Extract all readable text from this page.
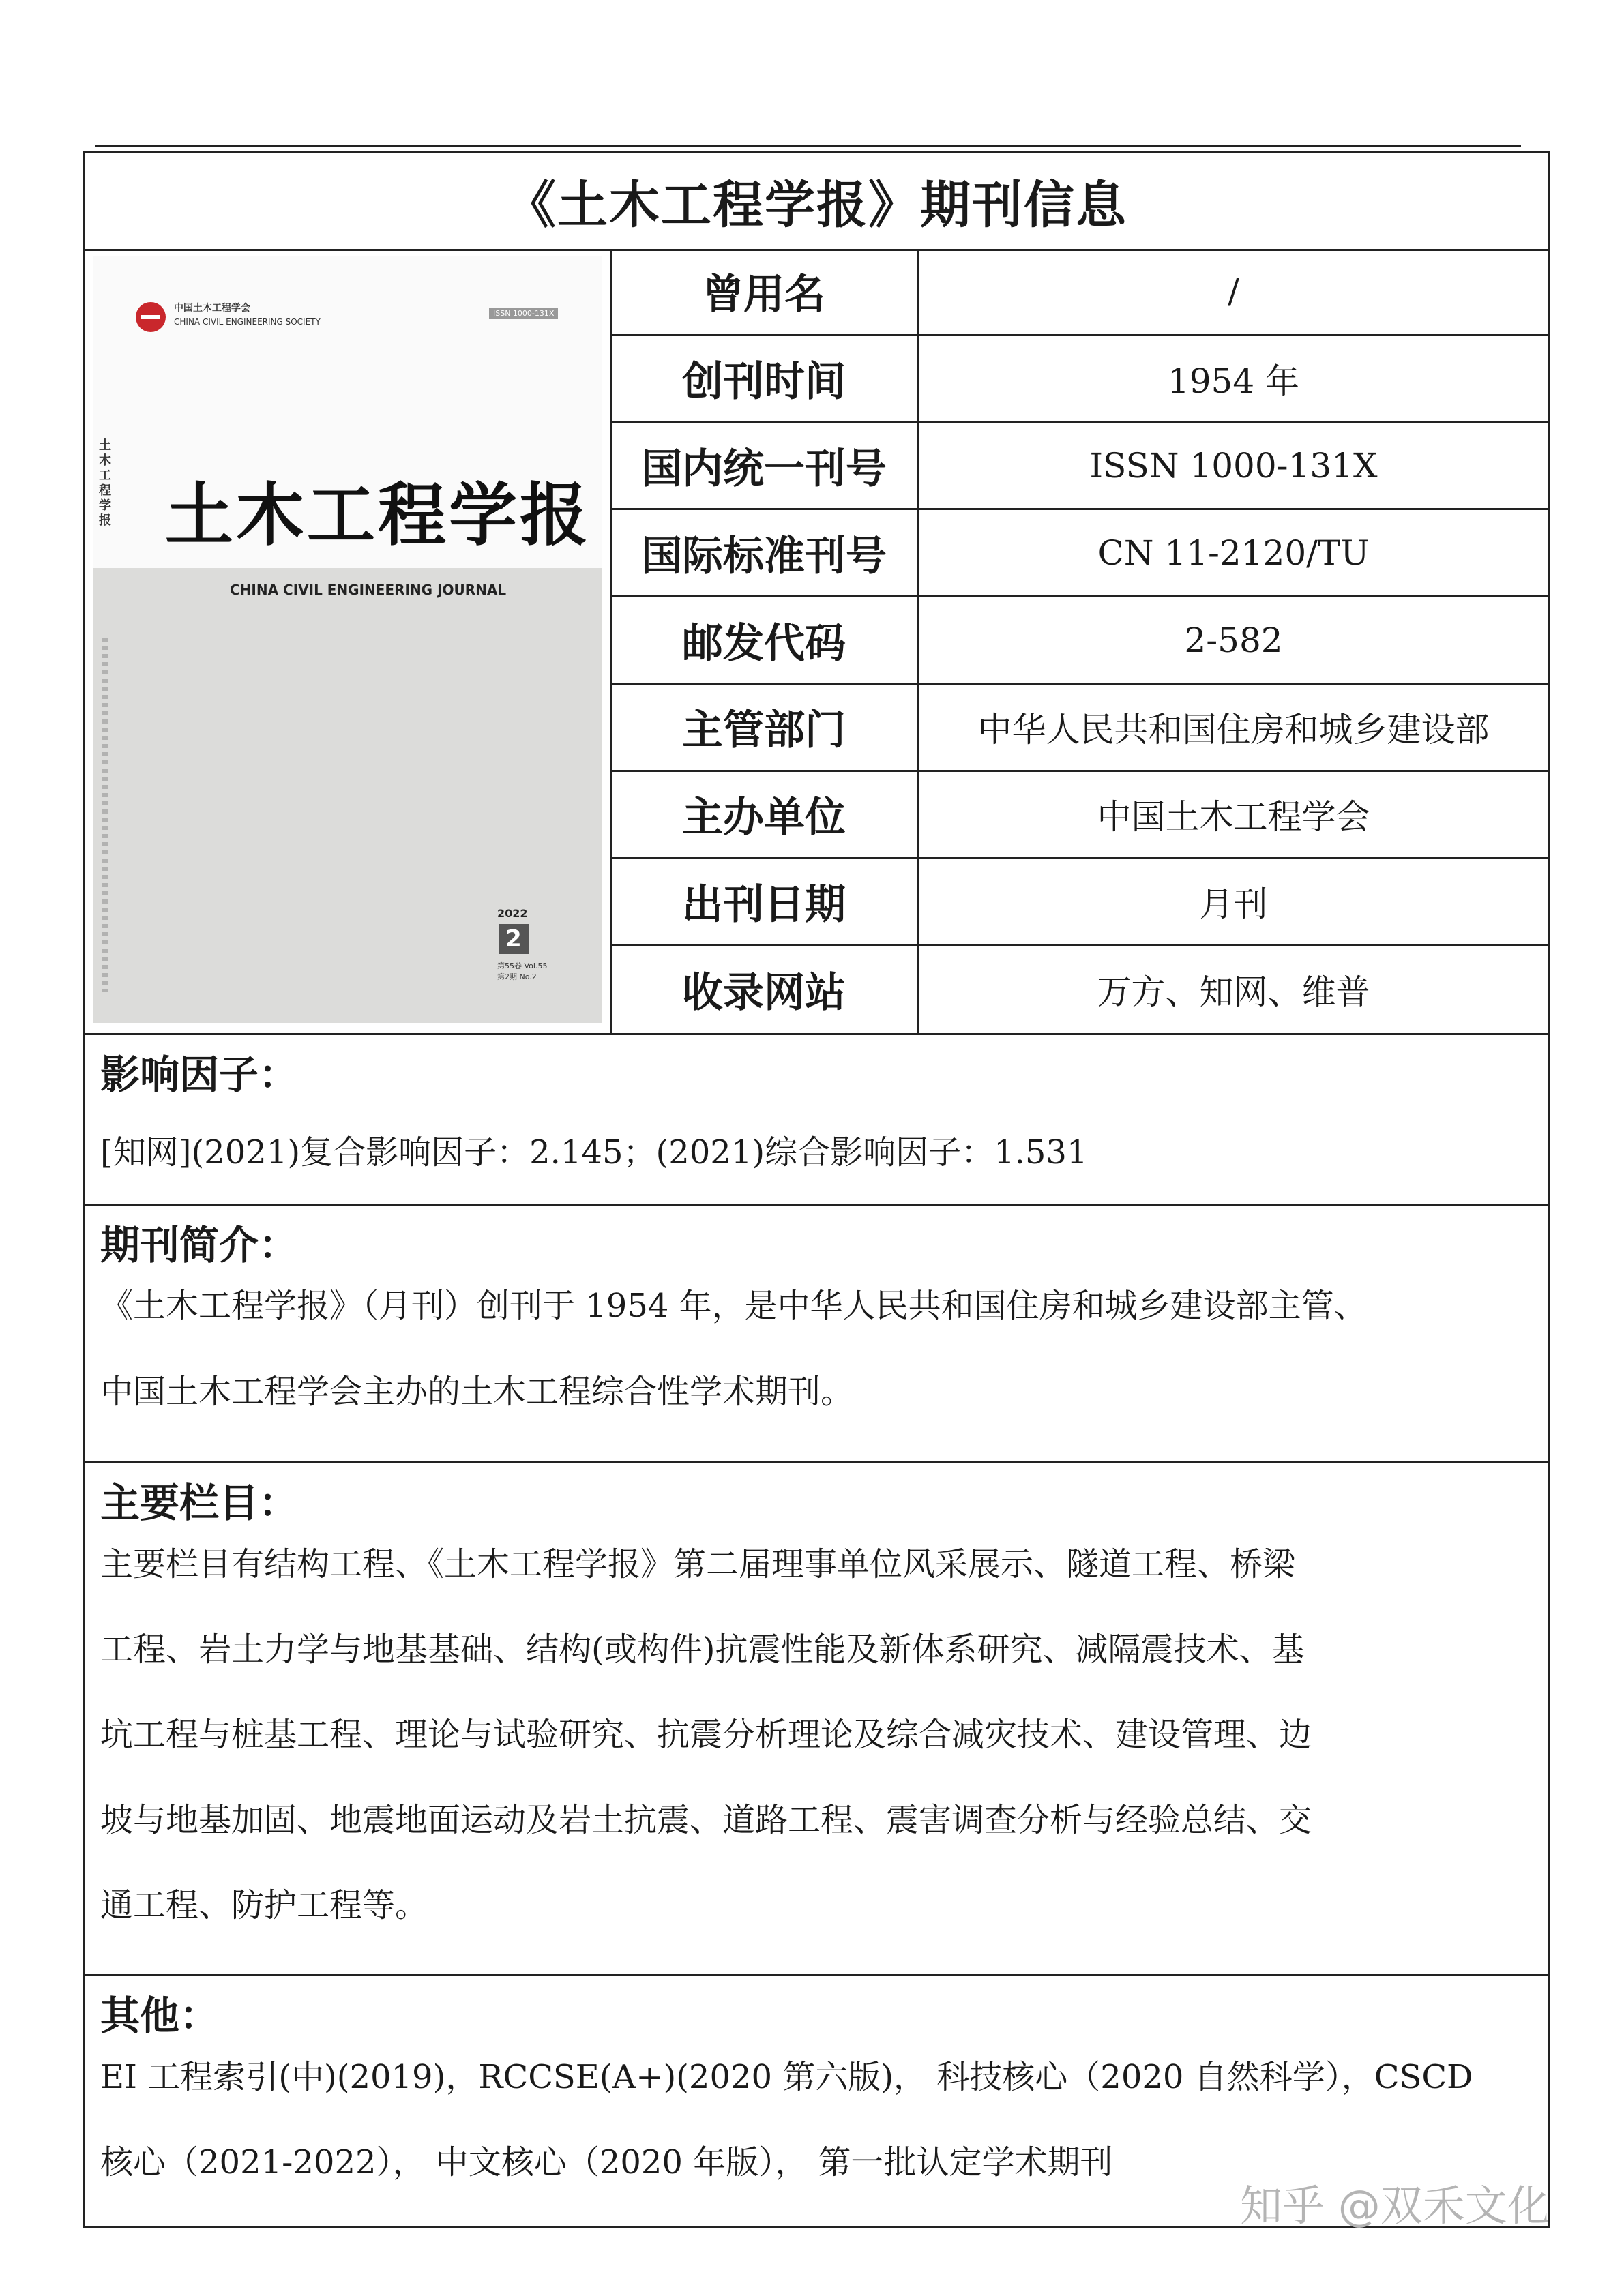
《土木工程学报》期刊信息
中国土木工程学会
CHINA CIVIL ENGINEERING SOCIETY
ISSN 1000-131X
土木工程学报 土木工程学报
CHINA CIVIL ENGINEERING JOURNAL
2022
2
第55卷 Vol.55
第2期 No.2
曾用名	/
创刊时间	1954 年
国内统一刊号	ISSN 1000-131X
国际标准刊号	CN 11-2120/TU
邮发代码	2-582
主管部门	中华人民共和国住房和城乡建设部
主办单位	中国土木工程学会
出刊日期	月刊
收录网站	万方、知网、维普
影响因子：
[知网](2021)复合影响因子：2.145；(2021)综合影响因子：1.531
期刊简介：
《土木工程学报》（月刊）创刊于 1954 年，是中华人民共和国住房和城乡建设部主管、
中国土木工程学会主办的土木工程综合性学术期刊。
主要栏目：
主要栏目有结构工程、《土木工程学报》第二届理事单位风采展示、隧道工程、桥梁
工程、岩土力学与地基基础、结构(或构件)抗震性能及新体系研究、减隔震技术、基
坑工程与桩基工程、理论与试验研究、抗震分析理论及综合减灾技术、建设管理、边
坡与地基加固、地震地面运动及岩土抗震、道路工程、震害调查分析与经验总结、交
通工程、防护工程等。
其他：
EI 工程索引(中)(2019)，RCCSE(A+)(2020 第六版)， 科技核心（2020 自然科学），CSCD
核心（2021-2022）， 中文核心（2020 年版）， 第一批认定学术期刊
知乎 @双禾文化
